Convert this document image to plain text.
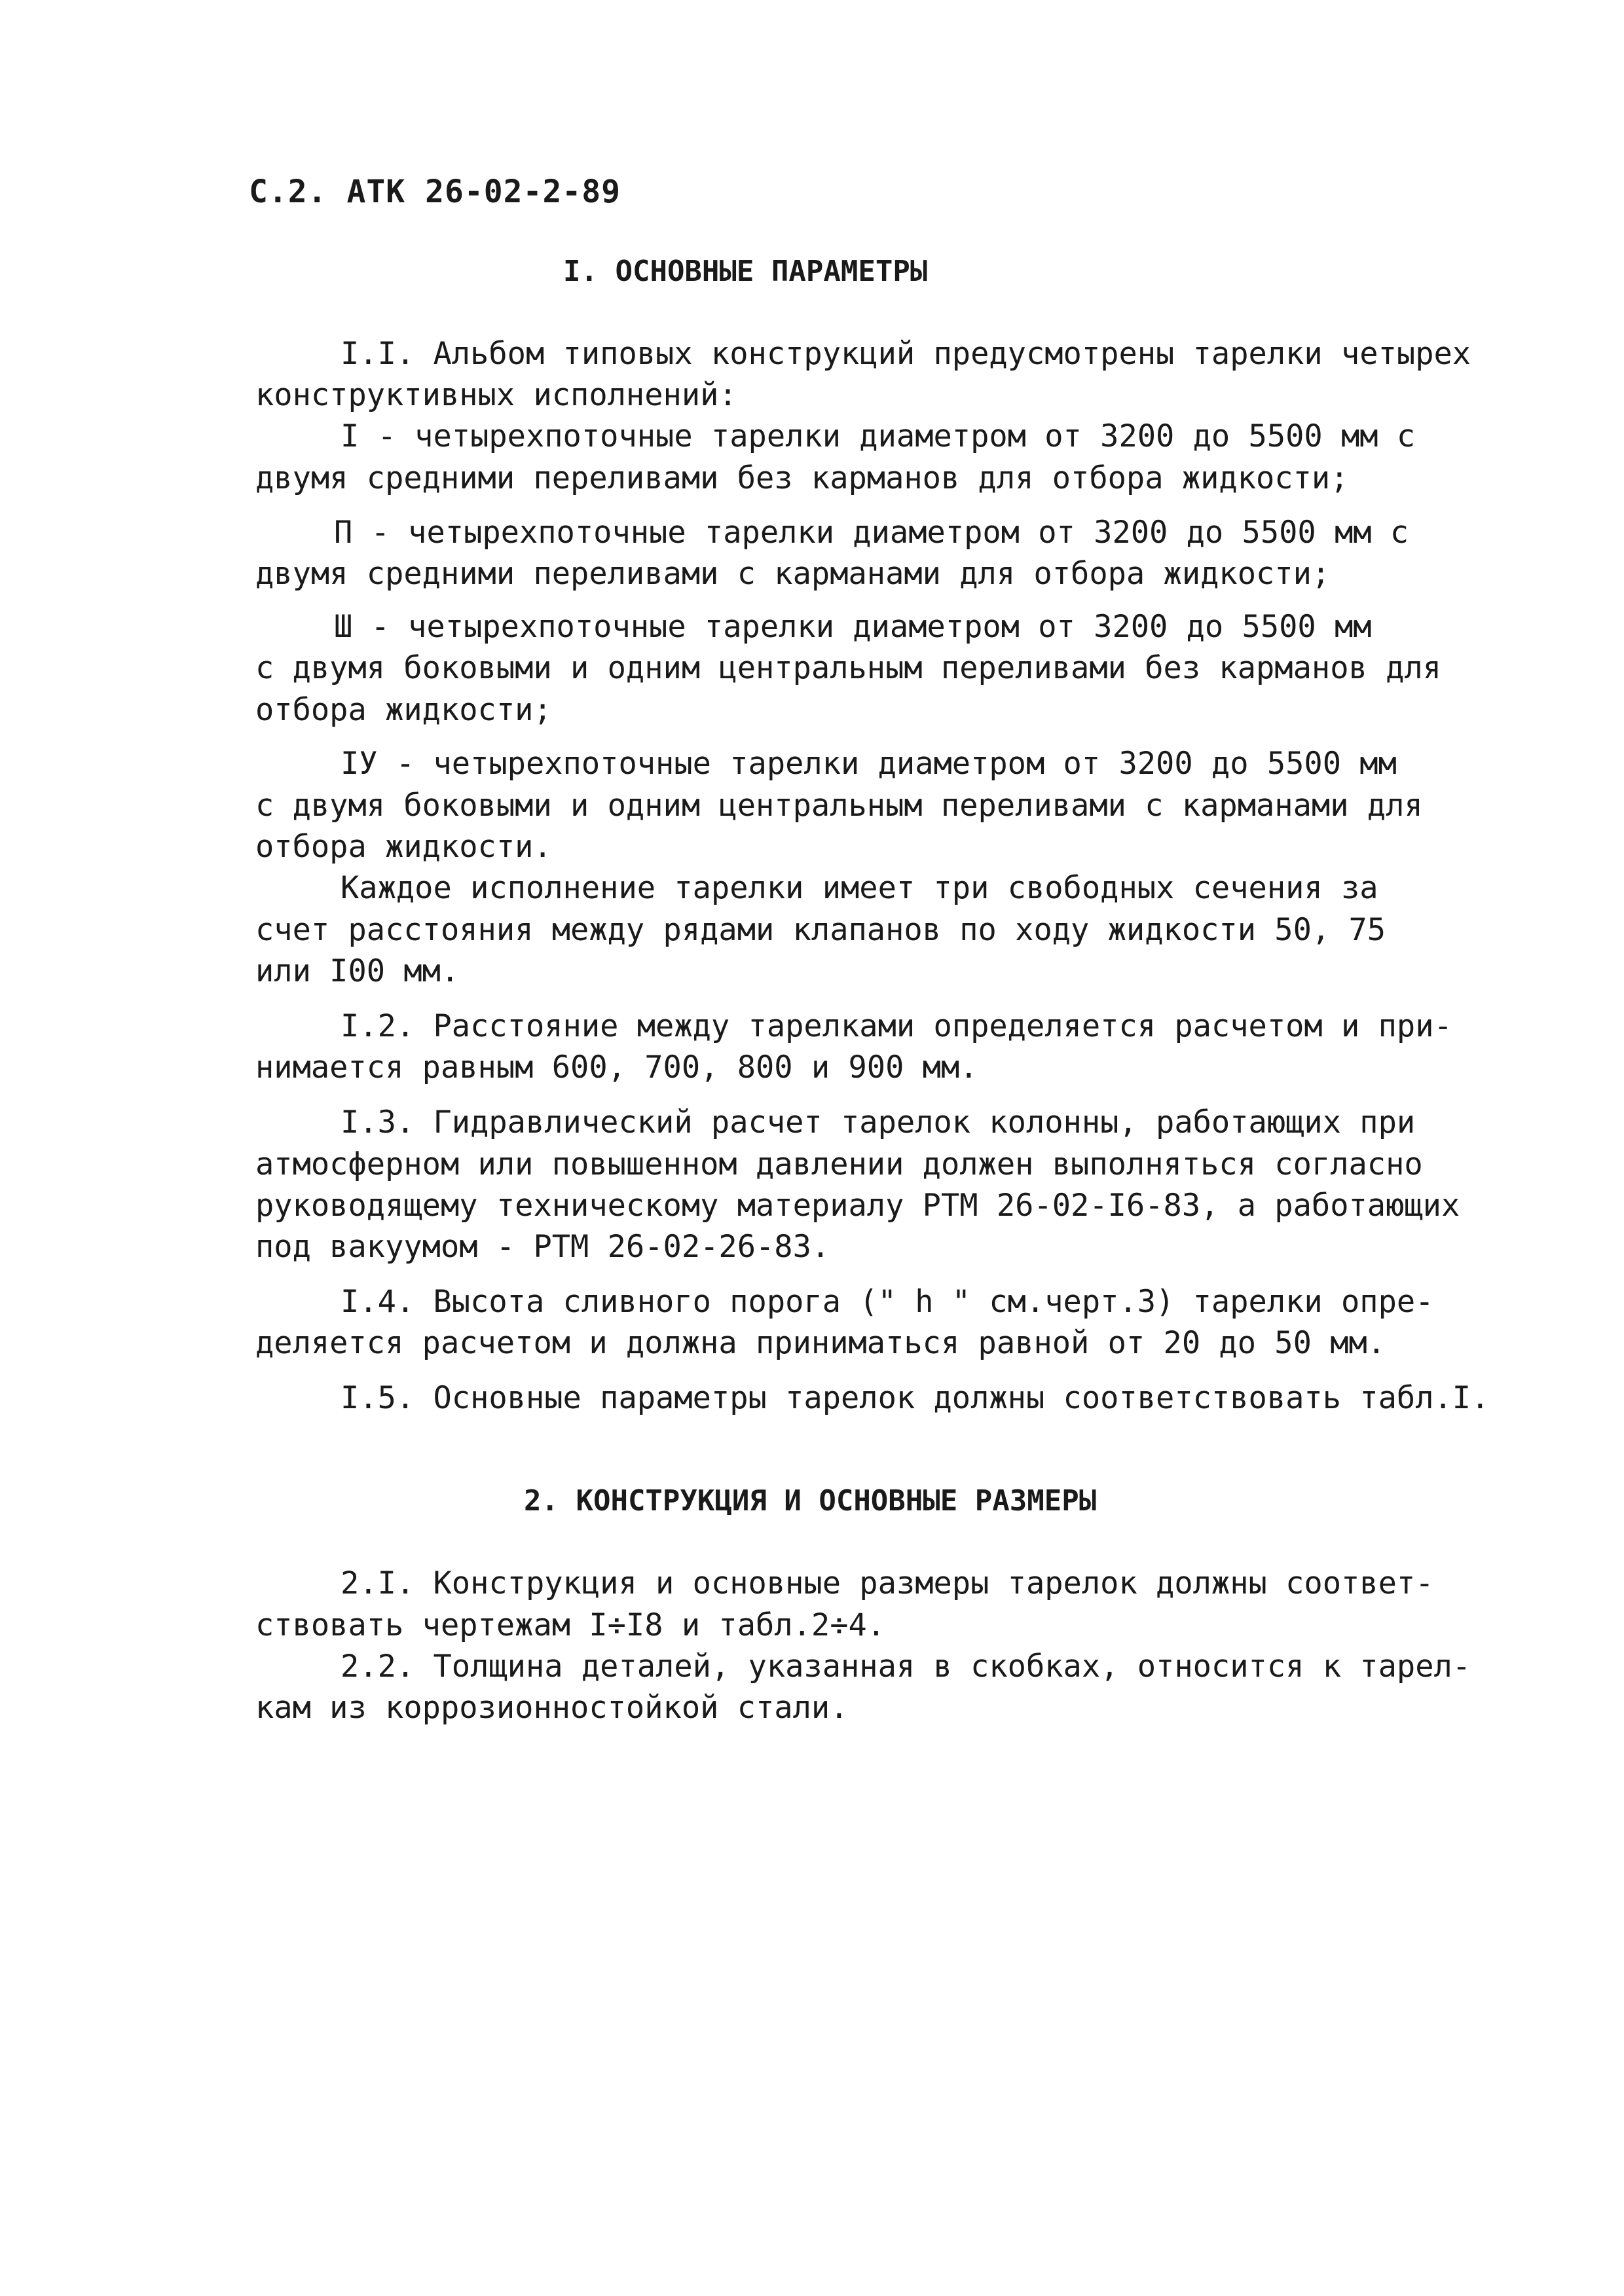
С.2. АТК 26-02-2-89
I. ОСНОВНЫЕ ПАРАМЕТРЫ
I.I. Альбом типовых конструкций предусмотрены тарелки четырех
конструктивных исполнений:
I - четырехпоточные тарелки диаметром от 3200 до 5500 мм с
двумя средними переливами без карманов для отбора жидкости;
П - четырехпоточные тарелки диаметром от 3200 до 5500 мм с
двумя средними переливами с карманами для отбора жидкости;
Ш - четырехпоточные тарелки диаметром от 3200 до 5500 мм
с двумя боковыми и одним центральным переливами без карманов для
отбора жидкости;
IУ - четырехпоточные тарелки диаметром от 3200 до 5500 мм
с двумя боковыми и одним центральным переливами с карманами для
отбора жидкости.
Каждое исполнение тарелки имеет три свободных сечения за
счет расстояния между рядами клапанов по ходу жидкости 50, 75
или I00 мм.
I.2. Расстояние между тарелками определяется расчетом и при-
нимается равным 600, 700, 800 и 900 мм.
I.3. Гидравлический расчет тарелок колонны, работающих при
атмосферном или повышенном давлении должен выполняться согласно
руководящему техническому материалу РТМ 26-02-I6-83, а работающих
под вакуумом - РТМ 26-02-26-83.
I.4. Высота сливного порога (" h " см.черт.3) тарелки опре-
деляется расчетом и должна приниматься равной от 20 до 50 мм.
I.5. Основные параметры тарелок должны соответствовать табл.I.
2. КОНСТРУКЦИЯ И ОСНОВНЫЕ РАЗМЕРЫ
2.I. Конструкция и основные размеры тарелок должны соответ-
ствовать чертежам I÷I8 и табл.2÷4.
2.2. Толщина деталей, указанная в скобках, относится к тарел-
кам из коррозионностойкой стали.
